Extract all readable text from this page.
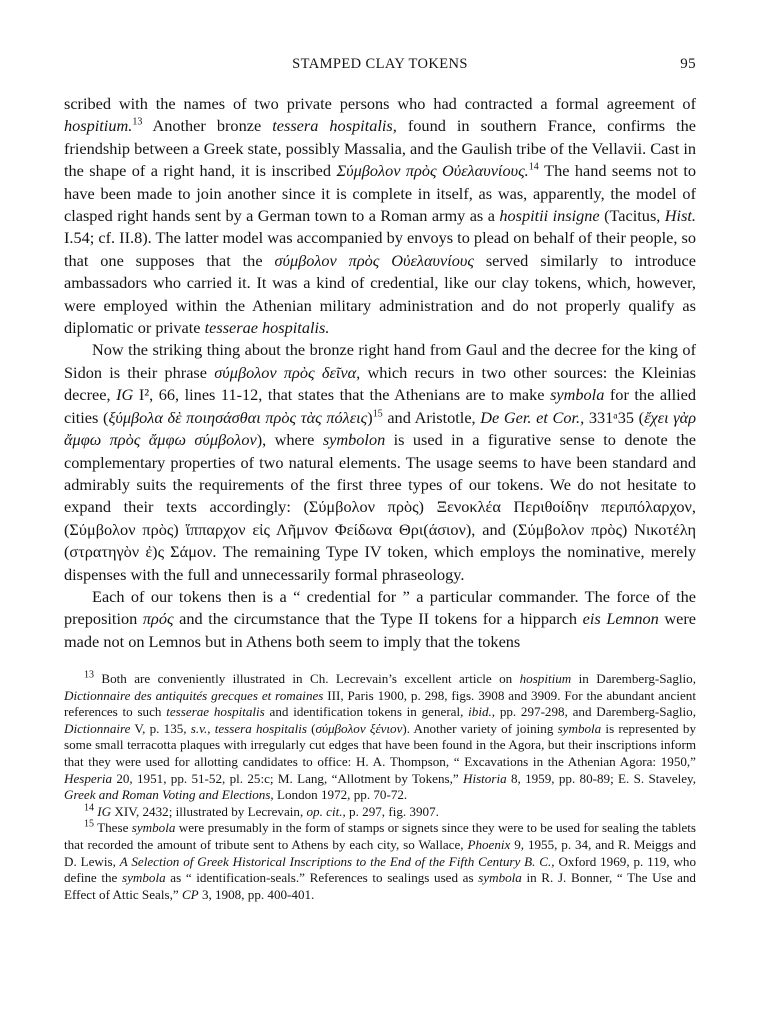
STAMPED CLAY TOKENS	95

scribed with the names of two private persons who had contracted a formal agreement of hospitium.$^{13}$ Another bronze tessera hospitalis, found in southern France, confirms the friendship between a Greek state, possibly Massalia, and the Gaulish tribe of the Vellavii. Cast in the shape of a right hand, it is inscribed Σύμβολον πρὸς Οὐελαυνίους.$^{14}$ The hand seems not to have been made to join another since it is complete in itself, as was, apparently, the model of clasped right hands sent by a German town to a Roman army as a hospitii insigne (Tacitus, Hist. I.54; cf. II.8). The latter model was accompanied by envoys to plead on behalf of their people, so that one supposes that the σύμβολον πρὸς Οὐελαυνίους served similarly to introduce ambassadors who carried it. It was a kind of credential, like our clay tokens, which, however, were employed within the Athenian military administration and do not properly qualify as diplomatic or private tesserae hospitalis.

Now the striking thing about the bronze right hand from Gaul and the decree for the king of Sidon is their phrase σύμβολον πρὸς δεῖνα, which recurs in two other sources: the Kleinias decree, IG I², 66, lines 11-12, that states that the Athenians are to make symbola for the allied cities (ξύμβολα δὲ ποιησάσθαι πρὸς τὰς πόλεις)$^{15}$ and Aristotle, De Ger. et Cor., 331ᵃ35 (ἔχει γὰρ ἄμφω πρὸς ἄμφω σύμβολον), where symbolon is used in a figurative sense to denote the complementary properties of two natural elements. The usage seems to have been standard and admirably suits the requirements of the first three types of our tokens. We do not hesitate to expand their texts accordingly: (Σύμβολον πρὸς) Ξενοκλέα Περιθοίδην περιπόλαρχον, (Σύμβολον πρὸς) ἵππαρχον εἰς Λῆμνον Φείδωνα Θρι(άσιον), and (Σύμβολον πρὸς) Νικοτέλη (στρατηγὸν ἐ)ς Σάμον. The remaining Type IV token, which employs the nominative, merely dispenses with the full and unnecessarily formal phraseology.

Each of our tokens then is a “ credential for ” a particular commander. The force of the preposition πρός and the circumstance that the Type II tokens for a hipparch eis Lemnon were made not on Lemnos but in Athens both seem to imply that the tokens

$^{13}$ Both are conveniently illustrated in Ch. Lecrevain’s excellent article on hospitium in Daremberg-Saglio, Dictionnaire des antiquités grecques et romaines III, Paris 1900, p. 298, figs. 3908 and 3909. For the abundant ancient references to such tesserae hospitalis and identification tokens in general, ibid., pp. 297-298, and Daremberg-Saglio, Dictionnaire V, p. 135, s.v., tessera hospitalis (σύμβολον ξένιον). Another variety of joining symbola is represented by some small terracotta plaques with irregularly cut edges that have been found in the Agora, but their inscriptions inform that they were used for allotting candidates to office: H. A. Thompson, “ Excavations in the Athenian Agora: 1950,” Hesperia 20, 1951, pp. 51-52, pl. 25:c; M. Lang, “Allotment by Tokens,” Historia 8, 1959, pp. 80-89; E. S. Staveley, Greek and Roman Voting and Elections, London 1972, pp. 70-72.

$^{14}$ IG XIV, 2432; illustrated by Lecrevain, op. cit., p. 297, fig. 3907.

$^{15}$ These symbola were presumably in the form of stamps or signets since they were to be used for sealing the tablets that recorded the amount of tribute sent to Athens by each city, so Wallace, Phoenix 9, 1955, p. 34, and R. Meiggs and D. Lewis, A Selection of Greek Historical Inscriptions to the End of the Fifth Century B. C., Oxford 1969, p. 119, who define the symbola as “ identification-seals.” References to sealings used as symbola in R. J. Bonner, “ The Use and Effect of Attic Seals,” CP 3, 1908, pp. 400-401.
